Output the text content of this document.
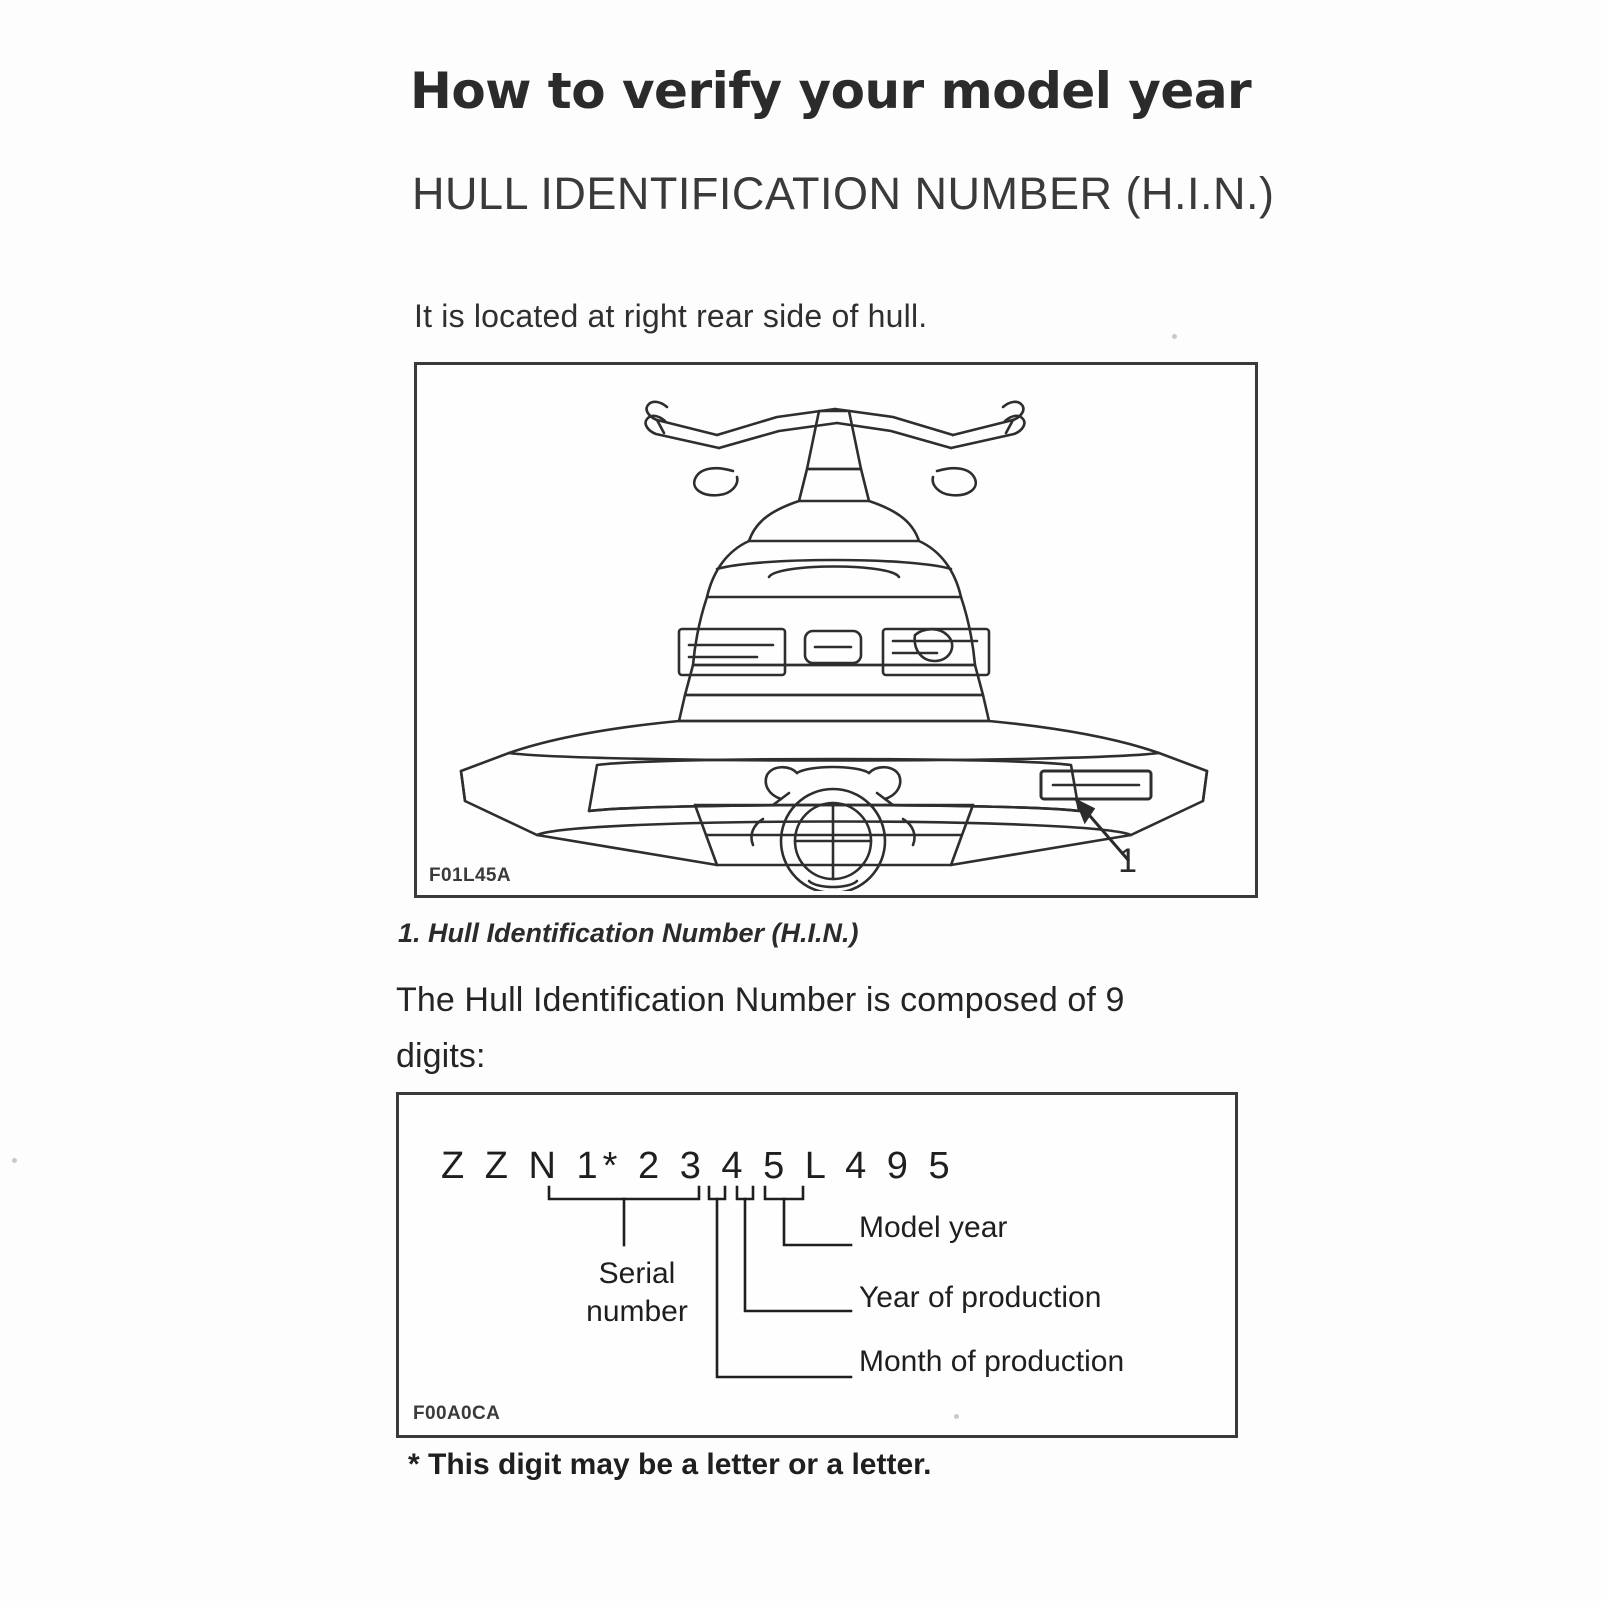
How to verify your model year
HULL IDENTIFICATION NUMBER (H.I.N.)
It is located at right rear side of hull.
F01L45A	1
1. Hull Identification Number (H.I.N.)
The Hull Identification Number is composed of 9 digits:
Z Z N 1* 2 3 4 5 L 4 9 5
Model year
Year of production
Month of production
Serial number
F00A0CA
* This digit may be a letter or a letter.
